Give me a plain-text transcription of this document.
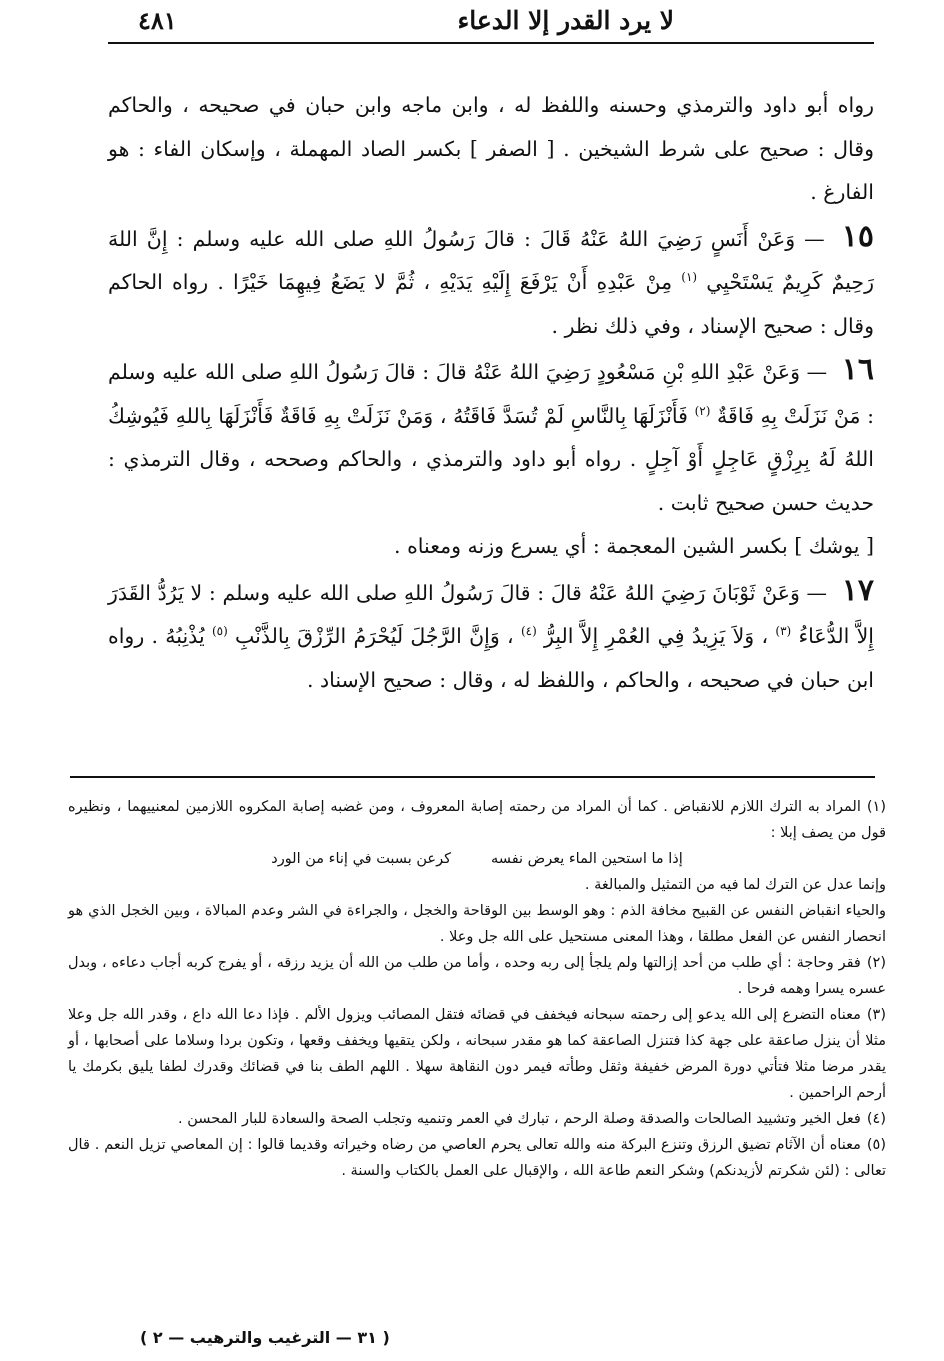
لا يرد القدر إلا الدعاء
٤٨١

رواه أبو داود والترمذي وحسنه واللفظ له ، وابن ماجه وابن حبان في صحيحه ، والحاكم وقال : صحيح على شرط الشيخين . [ الصفر ] بكسر الصاد المهملة ، وإسكان الفاء : هو الفارغ .

١٥ — وَعَنْ أَنَسٍ رَضِيَ اللهُ عَنْهُ قَالَ : قالَ رَسُولُ اللهِ صلى الله عليه وسلم : إِنَّ اللهَ رَحِيمٌ كَرِيمٌ يَسْتَحْيِي $^{(١)}$ مِنْ عَبْدِهِ أَنْ يَرْفَعَ إِلَيْهِ يَدَيْهِ ، ثُمَّ لا يَضَعُ فِيهِمَا خَيْرًا . رواه الحاكم وقال : صحيح الإسناد ، وفي ذلك نظر .

١٦ — وَعَنْ عَبْدِ اللهِ بْنِ مَسْعُودٍ رَضِيَ اللهُ عَنْهُ قالَ : قالَ رَسُولُ اللهِ صلى الله عليه وسلم : مَنْ نَزَلَتْ بِهِ فَاقَةٌ $^{(٢)}$ فَأَنْزَلَهَا بِالنَّاسِ لَمْ تُسَدَّ فَاقَتُهُ ، وَمَنْ نَزَلَتْ بِهِ فَاقَةٌ فَأَنْزَلَهَا بِاللهِ فَيُوشِكُ اللهُ لَهُ بِرِزْقٍ عَاجِلٍ أَوْ آجِلٍ . رواه أبو داود والترمذي ، والحاكم وصححه ، وقال الترمذي : حديث حسن صحيح ثابت .

[ يوشك ] بكسر الشين المعجمة : أي يسرع وزنه ومعناه .

١٧ — وَعَنْ ثَوْبَانَ رَضِيَ اللهُ عَنْهُ قالَ : قالَ رَسُولُ اللهِ صلى الله عليه وسلم : لا يَرُدُّ القَدَرَ إِلاَّ الدُّعَاءُ $^{(٣)}$ ، وَلاَ يَزِيدُ فِي العُمْرِ إِلاَّ البِرُّ $^{(٤)}$ ، وَإِنَّ الرَّجُلَ لَيُحْرَمُ الرِّزْقَ بِالذَّنْبِ $^{(٥)}$ يُذْنِبُهُ . رواه ابن حبان في صحيحه ، والحاكم ، واللفظ له ، وقال : صحيح الإسناد .

(١)المراد به الترك اللازم للانقباض . كما أن المراد من رحمته إصابة المعروف ، ومن غضبه إصابة المكروه اللازمين لمعنييهما ، ونظيره قول من يصف إبلا :

إذا ما استحين الماء يعرض نفسه
كرعن بسبت في إناء من الورد

وإنما عدل عن الترك لما فيه من التمثيل والمبالغة .

والحياء انقباض النفس عن القبيح مخافة الذم : وهو الوسط بين الوقاحة والخجل ، والجراءة في الشر وعدم المبالاة ، وبين الخجل الذي هو انحصار النفس عن الفعل مطلقا ، وهذا المعنى مستحيل على الله جل وعلا .

(٢)فقر وحاجة : أي طلب من أحد إزالتها ولم يلجأ إلى ربه وحده ، وأما من طلب من الله أن يزيد رزقه ، أو يفرج كربه أجاب دعاءه ، وبدل عسره يسرا وهمه فرحا .

(٣)معناه التضرع إلى الله يدعو إلى رحمته سبحانه فيخفف في قضائه فتقل المصائب ويزول الألم . فإذا دعا الله داع ، وقدر الله جل وعلا مثلا أن ينزل صاعقة على جهة كذا فتنزل الصاعقة كما هو مقدر سبحانه ، ولكن يتقيها ويخفف وقعها ، وتكون بردا وسلاما على أصحابها ، أو يقدر مرضا مثلا فتأتي دورة المرض خفيفة وثقل وطأته فيمر دون النقاهة سهلا . اللهم الطف بنا في قضائك وقدرك لطفا يليق بكرمك يا أرحم الراحمين .

(٤)فعل الخير وتشييد الصالحات والصدقة وصلة الرحم ، تبارك في العمر وتنميه وتجلب الصحة والسعادة للبار المحسن .

(٥)معناه أن الآثام تضيق الرزق وتنزع البركة منه والله تعالى يحرم العاصي من رضاه وخيراته وقديما قالوا : إن المعاصي تزيل النعم . قال تعالى : (لئن شكرتم لأزيدنكم) وشكر النعم طاعة الله ، والإقبال على العمل بالكتاب والسنة .

( ٣١ — الترغيب والترهيب — ٢ )
